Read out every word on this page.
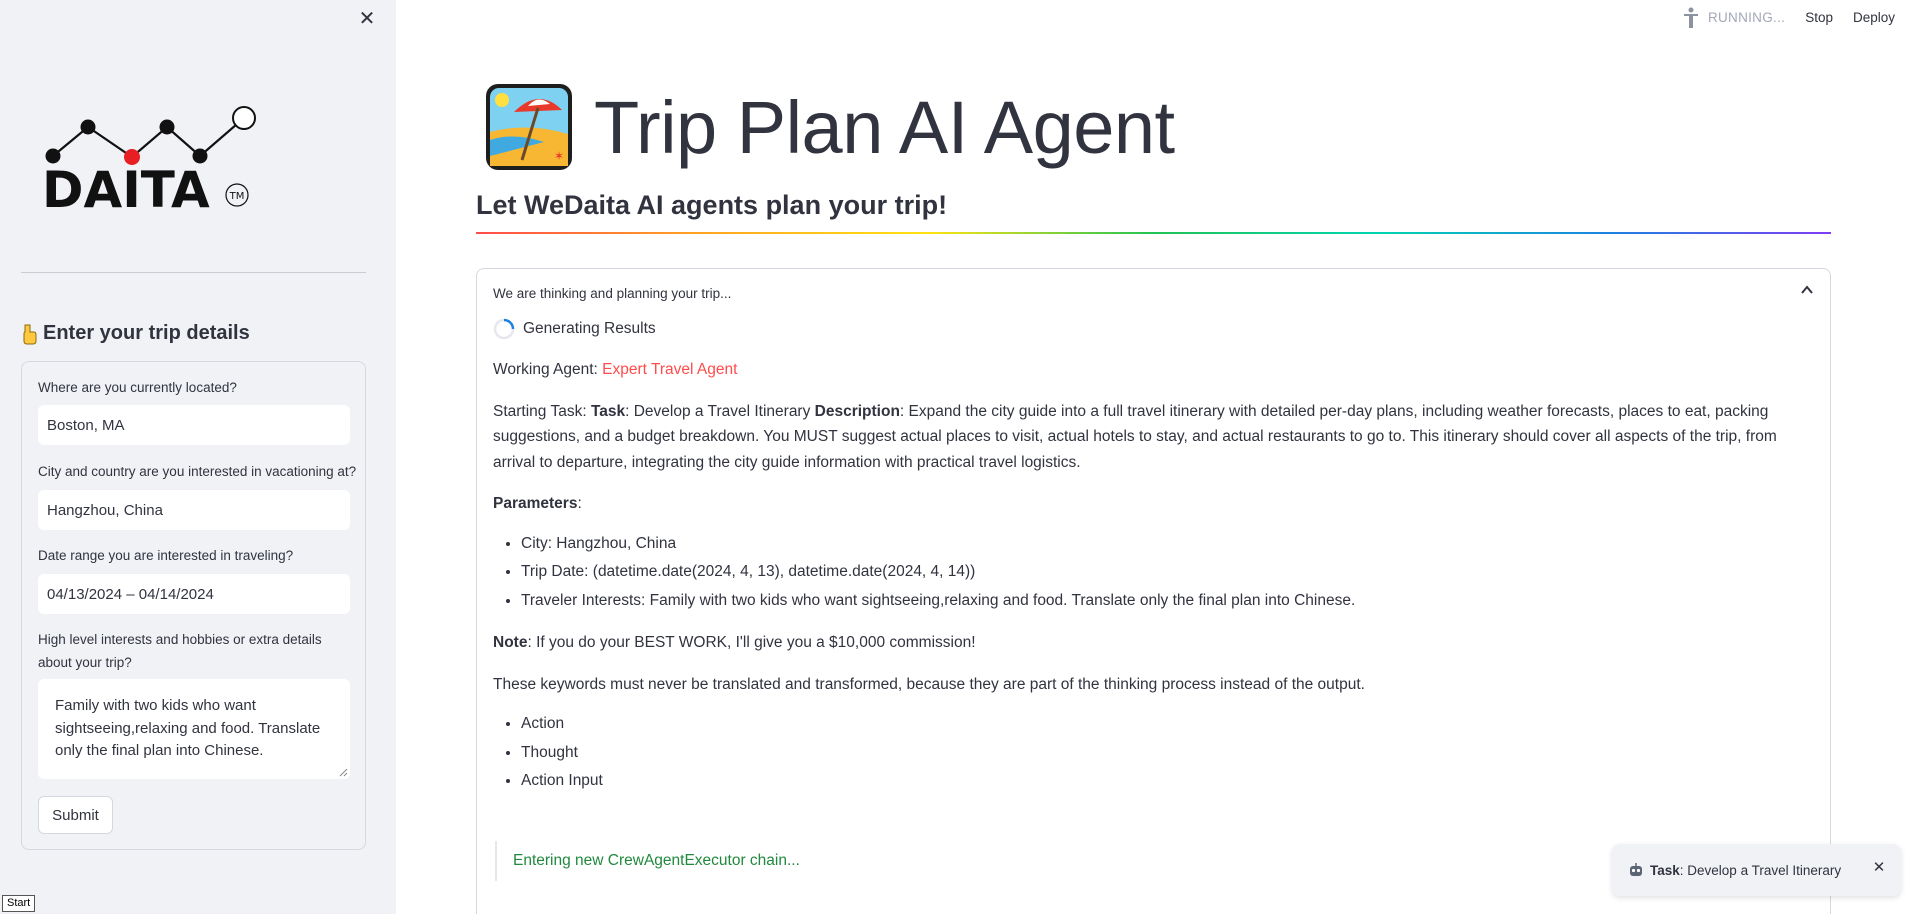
✕
DAITA TM
Enter your trip details
Where are you currently located?
Boston, MA
City and country are you interested in vacationing at?
Hangzhou, China
Date range you are interested in traveling?
04/13/2024 – 04/14/2024
High level interests and hobbies or extra details about your trip?
Family with two kids who want sightseeing,relaxing and food. Translate only the final plan into Chinese.
Submit
Start
RUNNING... Stop Deploy
✶ Trip Plan AI Agent
Let WeDaita AI agents plan your trip!
We are thinking and planning your trip...
Generating Results
Working Agent: Expert Travel Agent
Starting Task: Task: Develop a Travel Itinerary Description: Expand the city guide into a full travel itinerary with detailed per-day plans, including weather forecasts, places to eat, packing suggestions, and a budget breakdown. You MUST suggest actual places to visit, actual hotels to stay, and actual restaurants to go to. This itinerary should cover all aspects of the trip, from arrival to departure, integrating the city guide information with practical travel logistics.
Parameters:
• City: Hangzhou, China
• Trip Date: (datetime.date(2024, 4, 13), datetime.date(2024, 4, 14))
• Traveler Interests: Family with two kids who want sightseeing,relaxing and food. Translate only the final plan into Chinese.
Note: If you do your BEST WORK, I'll give you a $10,000 commission!
These keywords must never be translated and transformed, because they are part of the thinking process instead of the output.
• Action
• Thought
• Action Input
Entering new CrewAgentExecutor chain...
Task : Develop a Travel Itinerary ✕
